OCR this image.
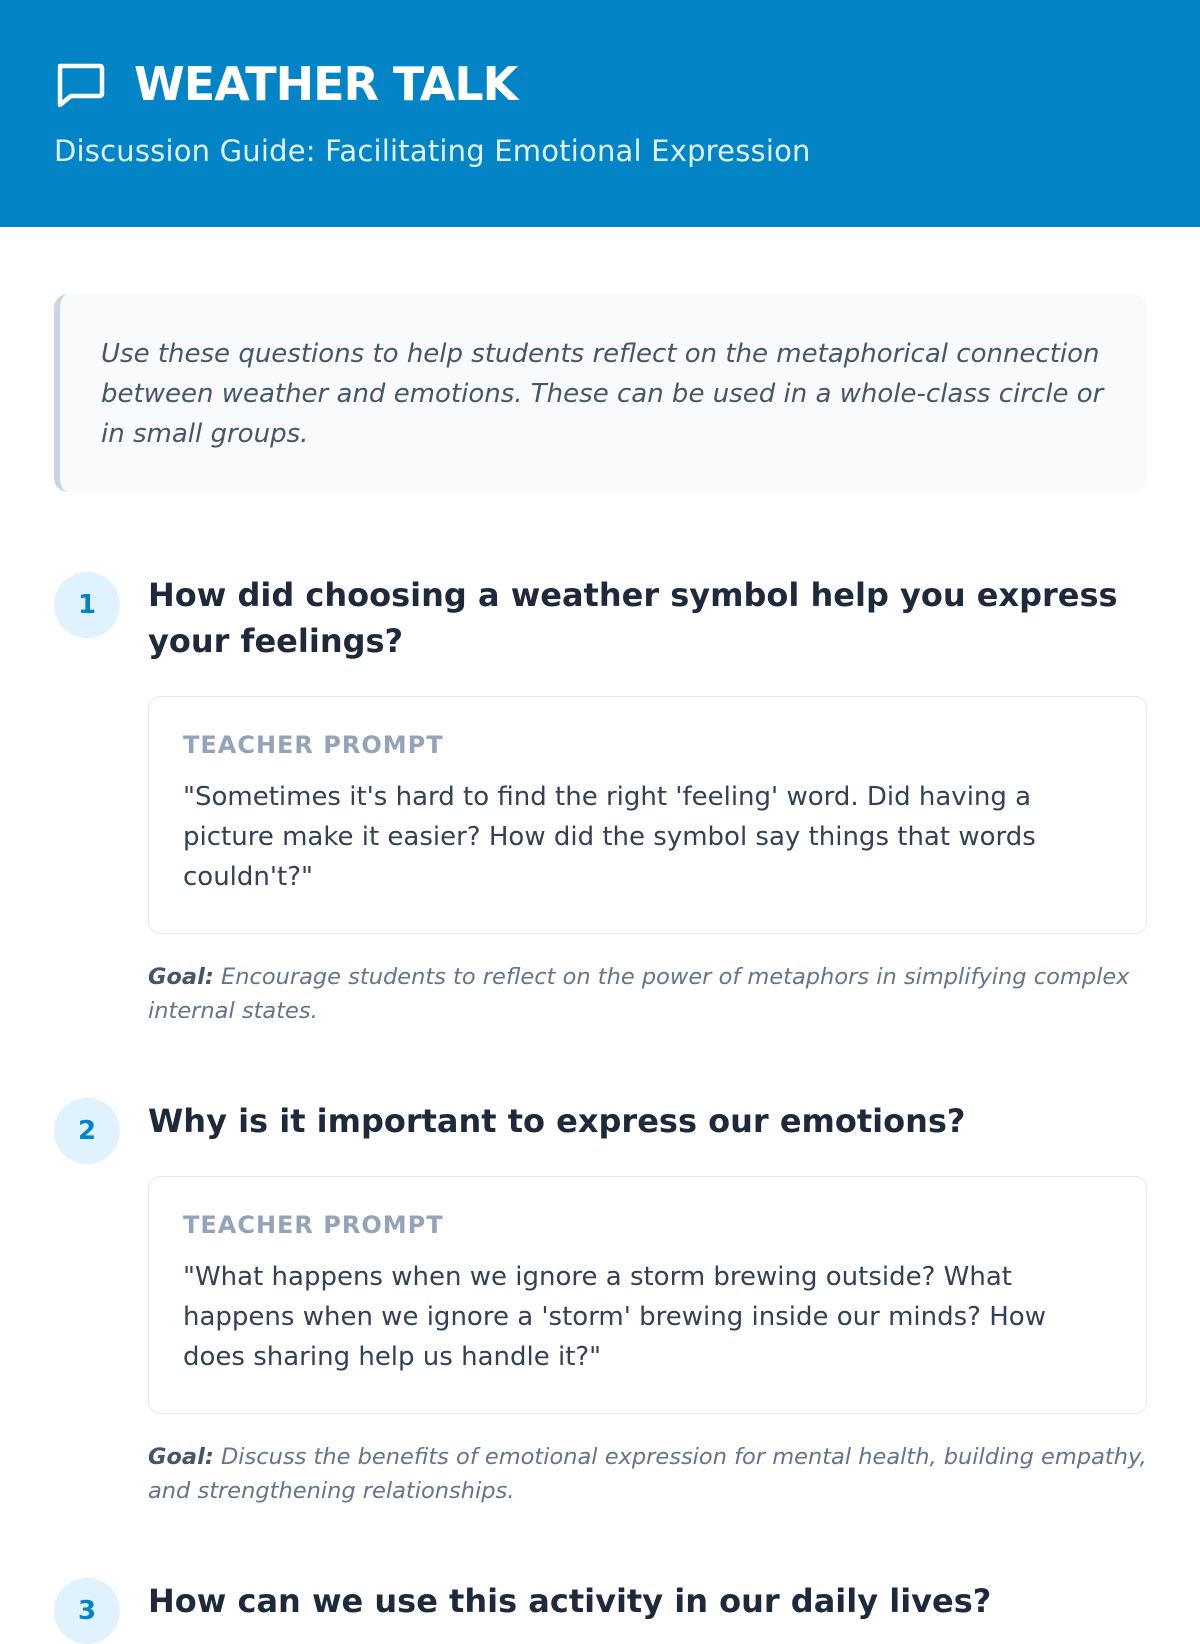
WEATHER TALK
Discussion Guide: Facilitating Emotional Expression
Use these questions to help students reflect on the metaphorical connection between weather and emotions. These can be used in a whole-class circle or in small groups.
1	How did choosing a weather symbol help you express your feelings?
TEACHER PROMPT
"Sometimes it's hard to find the right 'feeling' word. Did having a picture make it easier? How did the symbol say things that words couldn't?"
Goal: Encourage students to reflect on the power of metaphors in simplifying complex internal states.
2	Why is it important to express our emotions?
TEACHER PROMPT
"What happens when we ignore a storm brewing outside? What happens when we ignore a 'storm' brewing inside our minds? How does sharing help us handle it?"
Goal: Discuss the benefits of emotional expression for mental health, building empathy, and strengthening relationships.
3	How can we use this activity in our daily lives?
